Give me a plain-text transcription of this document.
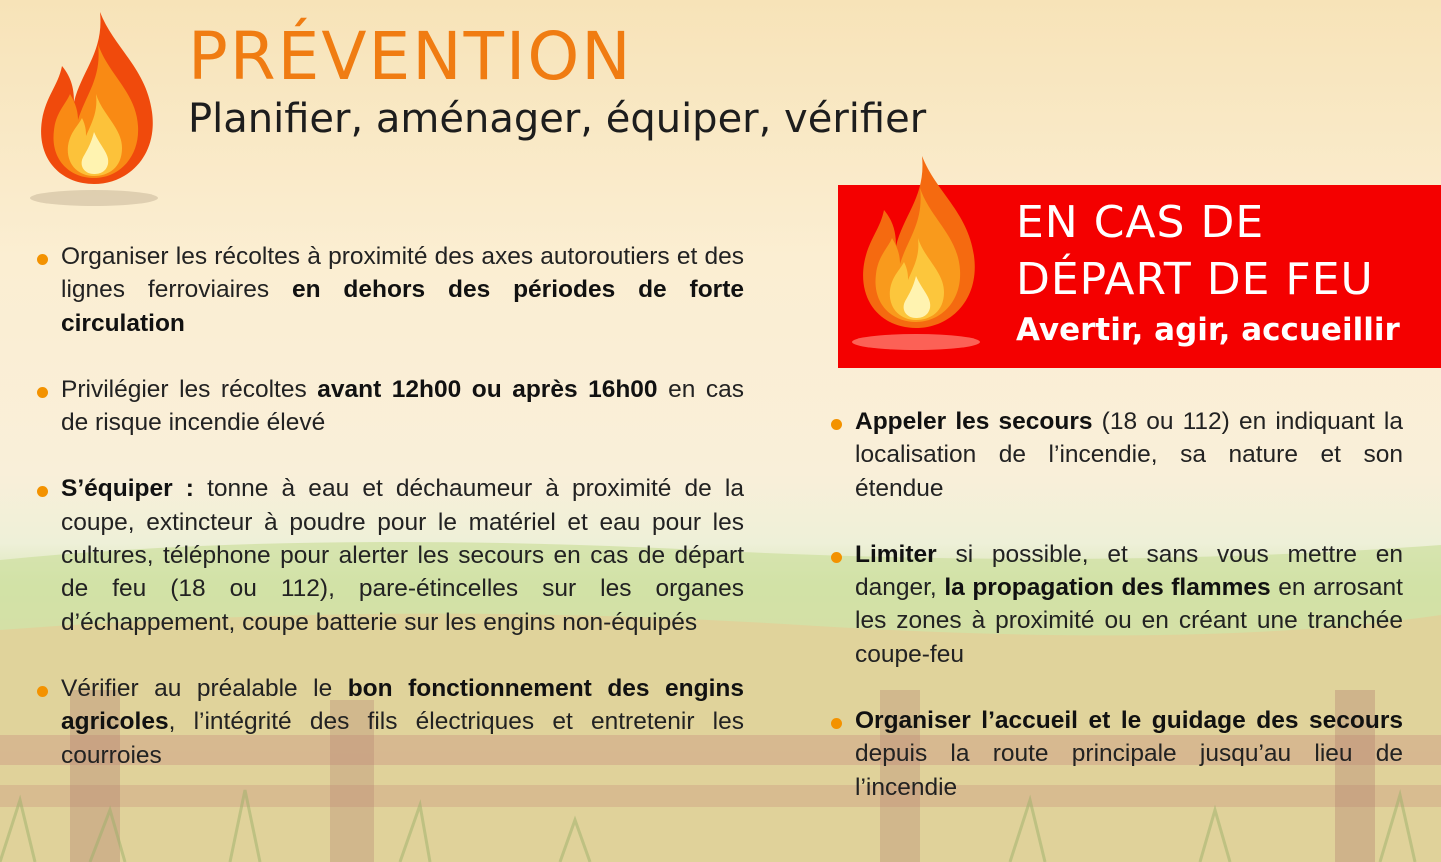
PRÉVENTION
Planifier, aménager, équiper, vérifier
EN CAS DE
DÉPART DE FEU
Avertir, agir, accueillir
Organiser les récoltes à proximité des axes autoroutiers et des lignes ferroviaires en dehors des périodes de forte circulation
Privilégier les récoltes avant 12h00 ou après 16h00 en cas de risque incendie élevé
S’équiper : tonne à eau et déchaumeur à proximité de la coupe, extincteur à poudre pour le matériel et eau pour les cultures, téléphone pour alerter les secours en cas de départ de feu (18 ou 112), pare-étincelles sur les organes d’échappement, coupe batterie sur les engins non-équipés
Vérifier au préalable le bon fonctionnement des engins agricoles, l’intégrité des fils électriques et entretenir les courroies
Appeler les secours (18 ou 112) en indiquant la localisation de l’incendie, sa nature et son étendue
Limiter si possible, et sans vous mettre en danger, la propagation des flammes en arrosant les zones à proximité ou en créant une tranchée coupe-feu
Organiser l’accueil et le guidage des secours depuis la route principale jusqu’au lieu de l’incendie
